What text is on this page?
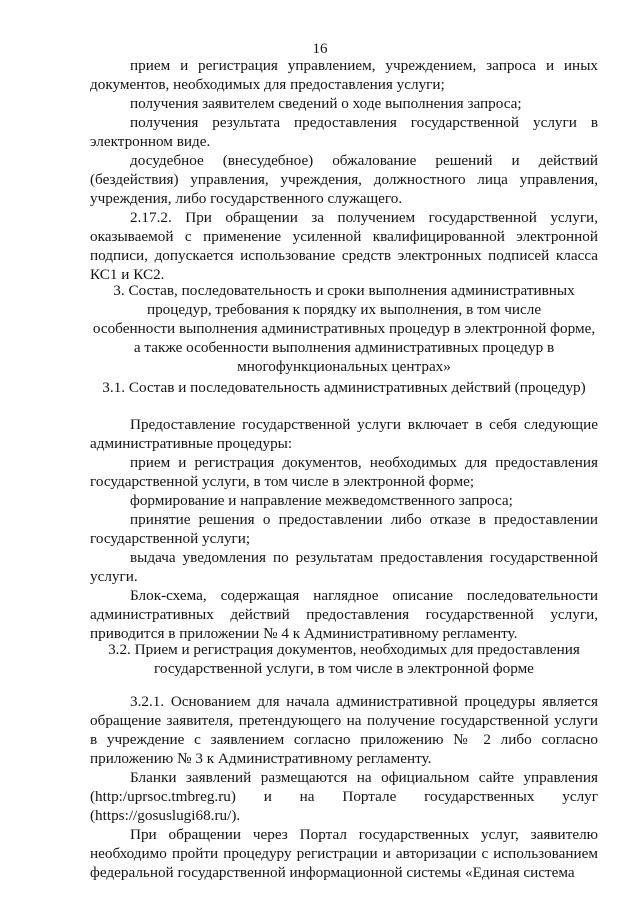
16

прием и регистрация управлением, учреждением, запроса и иных документов, необходимых для предоставления услуги;

получения заявителем сведений о ходе выполнения запроса;

получения результата предоставления государственной услуги в электронном виде.

досудебное (внесудебное) обжалование решений и действий (бездействия) управления, учреждения, должностного лица управления, учреждения, либо государственного служащего.

2.17.2. При обращении за получением государственной услуги, оказываемой с применение усиленной квалифицированной электронной подписи, допускается использование средств электронных подписей класса КС1 и КС2.

3. Состав, последовательность и сроки выполнения административных
процедур, требования к порядку их выполнения, в том числе
особенности выполнения административных процедур в электронной форме,
а также особенности выполнения административных процедур в
многофункциональных центрах»
3.1. Состав и последовательность административных действий (процедур)

Предоставление государственной услуги включает в себя следующие административные процедуры:

прием и регистрация документов, необходимых для предоставления государственной услуги, в том числе в электронной форме;

формирование и направление межведомственного запроса;

принятие решения о предоставлении либо отказе в предоставлении государственной услуги;

выдача уведомления по результатам предоставления государственной услуги.

Блок-схема, содержащая наглядное описание последовательности административных действий предоставления государственной услуги, приводится в приложении № 4 к Административному регламенту.

3.2. Прием и регистрация документов, необходимых для предоставления
государственной услуги, в том числе в электронной форме

3.2.1. Основанием для начала административной процедуры является обращение заявителя, претендующего на получение государственной услуги в учреждение с заявлением согласно приложению № 2 либо согласно приложению № 3 к Административному регламенту.

Бланки заявлений размещаются на официальном сайте управления (http:/uprsoc.tmbreg.ru) и на Портале государственных услуг (https://gosuslugi68.ru/).

При обращении через Портал государственных услуг, заявителю необходимо пройти процедуру регистрации и авторизации с использованием федеральной государственной информационной системы «Единая система
